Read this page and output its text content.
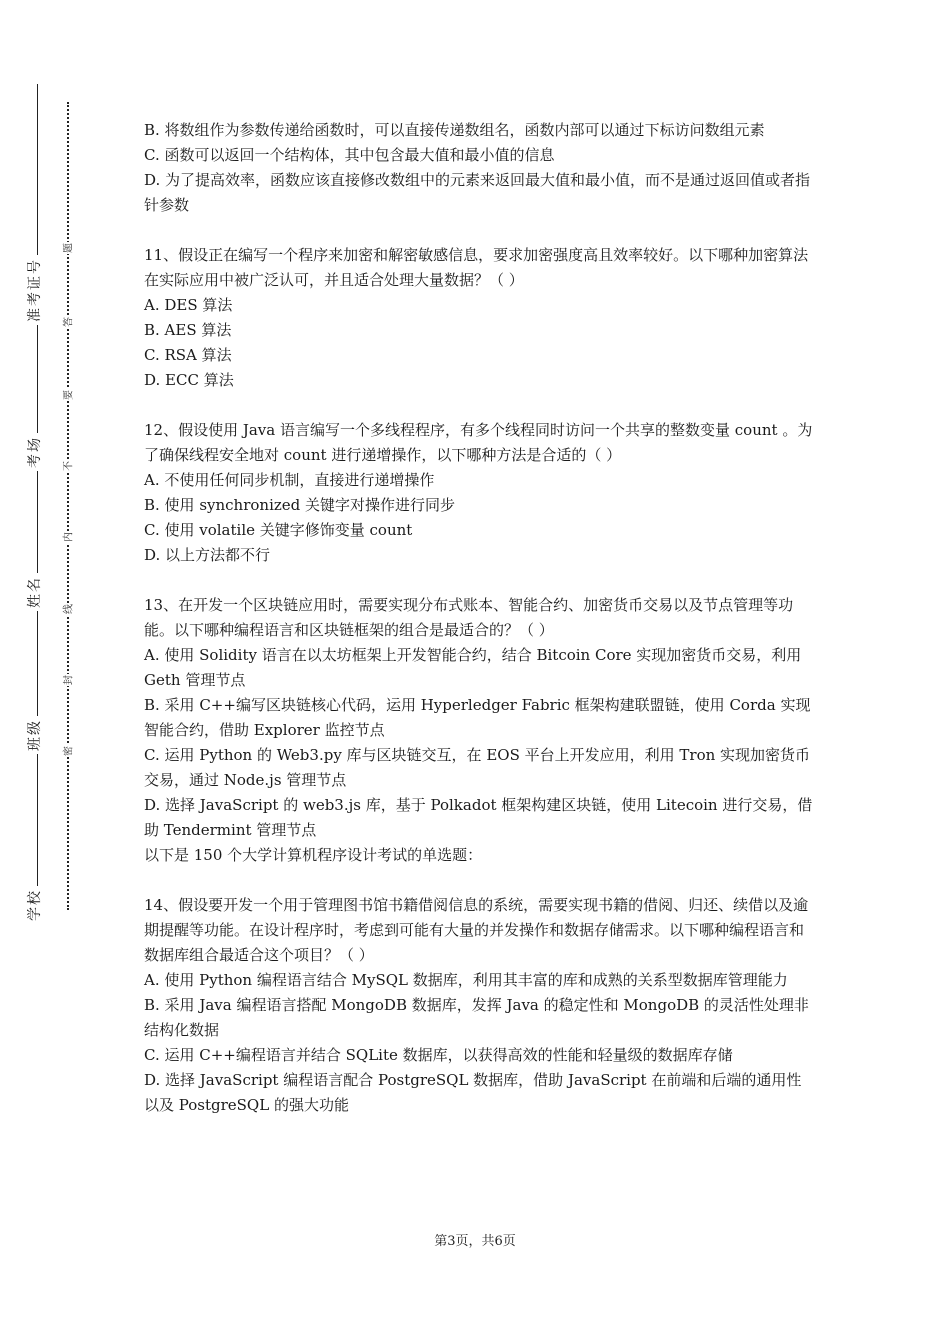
准考证号
考场
姓名
班级
学校
题
答
要
不
内
线
封
密

B. 将数组作为参数传递给函数时，可以直接传递数组名，函数内部可以通过下标访问数组元素

C. 函数可以返回一个结构体，其中包含最大值和最小值的信息

D. 为了提高效率，函数应该直接修改数组中的元素来返回最大值和最小值，而不是通过返回值或者指针参数

11、假设正在编写一个程序来加密和解密敏感信息，要求加密强度高且效率较好。以下哪种加密算法在实际应用中被广泛认可，并且适合处理大量数据？（ ）

A. DES 算法

B. AES 算法

C. RSA 算法

D. ECC 算法

12、假设使用 Java 语言编写一个多线程程序，有多个线程同时访问一个共享的整数变量 count 。为了确保线程安全地对 count 进行递增操作，以下哪种方法是合适的（ ）

A. 不使用任何同步机制，直接进行递增操作

B. 使用 synchronized 关键字对操作进行同步

C. 使用 volatile 关键字修饰变量 count

D. 以上方法都不行

13、在开发一个区块链应用时，需要实现分布式账本、智能合约、加密货币交易以及节点管理等功能。以下哪种编程语言和区块链框架的组合是最适合的？（ ）

A. 使用 Solidity 语言在以太坊框架上开发智能合约，结合 Bitcoin Core 实现加密货币交易，利用 Geth 管理节点

B. 采用 C++编写区块链核心代码，运用 Hyperledger Fabric 框架构建联盟链，使用 Corda 实现智能合约，借助 Explorer 监控节点

C. 运用 Python 的 Web3.py 库与区块链交互，在 EOS 平台上开发应用，利用 Tron 实现加密货币交易，通过 Node.js 管理节点

D. 选择 JavaScript 的 web3.js 库，基于 Polkadot 框架构建区块链，使用 Litecoin 进行交易，借助 Tendermint 管理节点

以下是 150 个大学计算机程序设计考试的单选题：

14、假设要开发一个用于管理图书馆书籍借阅信息的系统，需要实现书籍的借阅、归还、续借以及逾期提醒等功能。在设计程序时，考虑到可能有大量的并发操作和数据存储需求。以下哪种编程语言和数据库组合最适合这个项目？（ ）

A. 使用 Python 编程语言结合 MySQL 数据库，利用其丰富的库和成熟的关系型数据库管理能力

B. 采用 Java 编程语言搭配 MongoDB 数据库，发挥 Java 的稳定性和 MongoDB 的灵活性处理非结构化数据

C. 运用 C++编程语言并结合 SQLite 数据库，以获得高效的性能和轻量级的数据库存储

D. 选择 JavaScript 编程语言配合 PostgreSQL 数据库，借助 JavaScript 在前端和后端的通用性以及 PostgreSQL 的强大功能

第3页，共6页
